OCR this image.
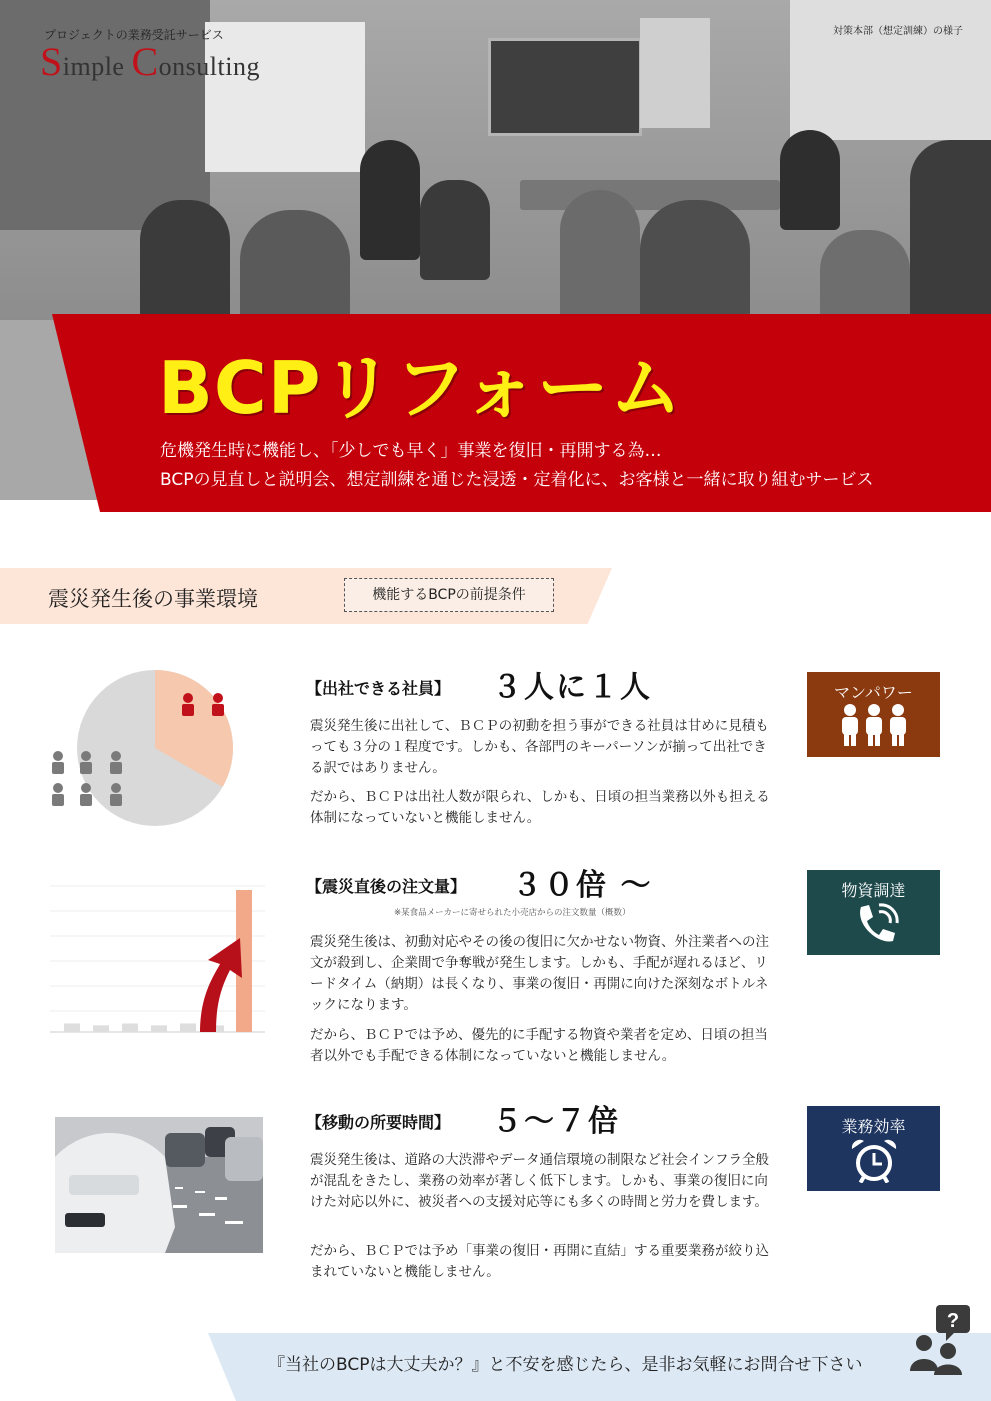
プロジェクトの業務受託サービス
Simple Consulting
対策本部（想定訓練）の様子
BCPリフォーム
危機発生時に機能し、「少しでも早く」事業を復旧・再開する為…
BCPの見直しと説明会、想定訓練を通じた浸透・定着化に、お客様と一緒に取り組むサービス
震災発生後の事業環境	機能するBCPの前提条件
【出社できる社員】 ３人に１人
震災発生後に出社して、ＢＣＰの初動を担う事ができる社員は甘めに見積もっても３分の１程度です。しかも、各部門のキーパーソンが揃って出社できる訳ではありません。
だから、ＢＣＰは出社人数が限られ、しかも、日頃の担当業務以外も担える体制になっていないと機能しません。
マンパワー
【震災直後の注文量】 ３０倍 ～
※某食品メーカーに寄せられた小売店からの注文数量（概数）
震災発生後は、初動対応やその後の復旧に欠かせない物資、外注業者への注文が殺到し、企業間で争奪戦が発生します。しかも、手配が遅れるほど、リードタイム（納期）は長くなり、事業の復旧・再開に向けた深刻なボトルネックになります。
だから、ＢＣＰでは予め、優先的に手配する物資や業者を定め、日頃の担当者以外でも手配できる体制になっていないと機能しません。
物資調達
【移動の所要時間】 ５～７倍
震災発生後は、道路の大渋滞やデータ通信環境の制限など社会インフラ全般が混乱をきたし、業務の効率が著しく低下します。しかも、事業の復旧に向けた対応以外に、被災者への支援対応等にも多くの時間と労力を費します。
だから、ＢＣＰでは予め「事業の復旧・再開に直結」する重要業務が絞り込まれていないと機能しません。
業務効率
『当社のBCPは大丈夫か？』と不安を感じたら、是非お気軽にお問合せ下さい
?
